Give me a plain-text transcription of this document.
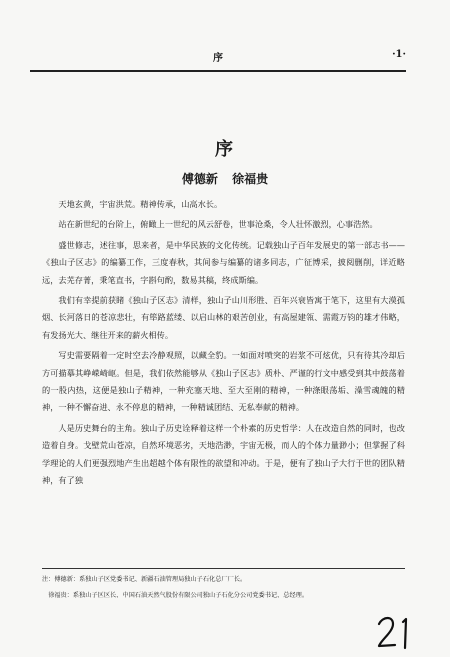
序	·1·
序
傅德新 徐福贵

天地玄黄，宇宙洪荒。精神传承，山高水长。

站在新世纪的台阶上，俯瞰上一世纪的风云舒卷，世事沧桑，令人壮怀激烈，心事浩然。

盛世修志，述往事，思来者，是中华民族的文化传统。记载独山子百年发展史的第一部志书——《独山子区志》的编纂工作，三度春秋，其间参与编纂的诸多同志，广征博采，披阅删削，详近略远，去芜存菁，秉笔直书，字斟句酌，数易其稿，终成斯编。

我们有幸提前获睹《独山子区志》清样，独山子山川形胜、百年兴衰皆寓于笔下，这里有大漠孤烟、长河落日的苍凉悲壮，有筚路蓝缕、以启山林的艰苦创业，有高屋建瓴、需霞万钧的雄才伟略，有发扬光大、继往开来的薪火相传。

写史需要隔着一定时空去冷静观照，以藏全豹。一如面对喷突的岩浆不可炫优，只有待其冷却后方可描摹其峥嵘崎岖。但是，我们依然能够从《独山子区志》质朴、严谨的行文中感受到其中鼓荡着的一股内热，这便是独山子精神，一种充塞天地、至大至刚的精神，一种涤眼荡垢、澡雪魂魄的精神，一种不懈奋进、永不停息的精神，一种精诚团结、无私奉献的精神。

人是历史舞台的主角。独山子历史诠释着这样一个朴素的历史哲学：人在改造自然的同时，也改造着自身。戈壁荒山苍凉，自然环境恶劣，天地浩渺，宇宙无极，而人的个体力量渺小；但掌握了科学理论的人们更强烈地产生出超越个体有限性的欲望和冲动。于是，便有了独山子大行于世的团队精神，有了独

注：傅德新：系独山子区党委书记、新疆石油管理局独山子石化总厂厂长。
徐福贵：系独山子区区长、中国石油天然气股份有限公司独山子石化分公司党委书记、总经理。
